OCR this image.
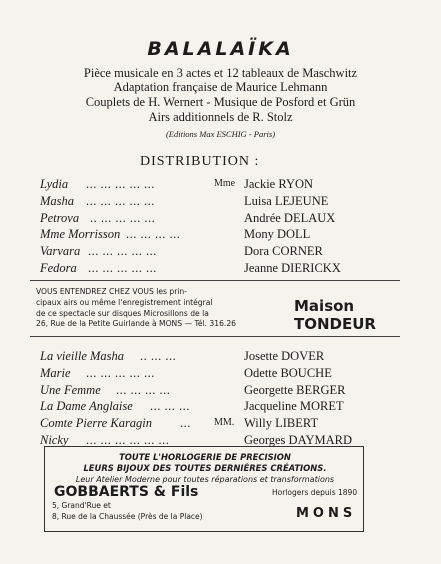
BALALAÏKA
Pièce musicale en 3 actes et 12 tableaux de Maschwitz
Adaptation française de Maurice Lehmann
Couplets de H. Wernert - Musique de Posford et Grün
Airs additionnels de R. Stolz
(Editions Max ESCHIG - Paris)
DISTRIBUTION :
Lydia ... ... ... ... ...	Mme Jackie RYON
Masha ... ... ... ... ...	Luisa LEJEUNE
Petrova .. ... ... ... ...	Andrée DELAUX
Mme Morrisson ... ... ... ...	Mony DOLL
Varvara ... ... ... ... ...	Dora CORNER
Fedora ... ... ... ... ...	Jeanne DIERICKX
VOUS ENTENDREZ CHEZ VOUS les prin-
cipaux airs ou même l'enregistrement intégral
de ce spectacle sur disques Microsillons de la
26, Rue de la Petite Guirlande à MONS — Tél. 316.26
Maison TONDEUR
La vieille Masha .. ... ...	Josette DOVER
Marie ... ... ... ... ...	Odette BOUCHE
Une Femme ... ... ... ...	Georgette BERGER
La Dame Anglaise ... ... ...	Jacqueline MORET
Comte Pierre Karagin ... MM. Willy LIBERT
Nicky ... ... ... ... ... ...	Georges DAYMARD
TOUTE L'HORLOGERIE DE PRECISION
LEURS BIJOUX DES TOUTES DERNIÈRES CRÉATIONS.
Leur Atelier Moderne pour toutes réparations et transformations
GOBBAERTS & Fils	Horlogers depuis 1890
5, Grand'Rue et
8, Rue de la Chaussée (Près de la Place)	MONS
